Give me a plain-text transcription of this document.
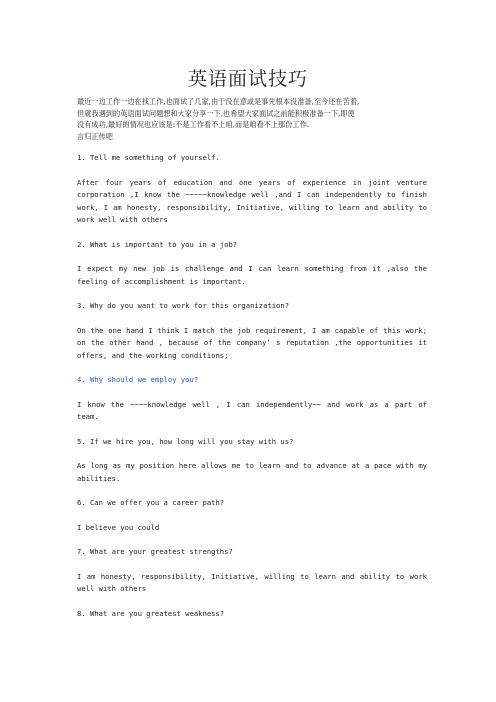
英语面试技巧

最近一边工作一边在找工作,也面试了几家,由于没在意或是事先根本没准备,至今还在苦着,

但就我遇到的英语面试问题想和大家分享一下,也希望大家面试之前能积极准备一下,即使

没有成功,最好的情况也应该是:不是工作看不上咱,而是咱看不上那份工作.

言归正传吧

1. Tell me something of yourself.

After four years of education and one years of experience in joint venture corporation ,I know the ~~~~~knowledge well ,and I can independently to finish work, I am honesty, responsibility, Initiative, willing to learn and ability to work well with others

2. What is important to you in a job?

I expect my new job is challenge and I can learn something from it ,also the feeling of accomplishment is important.

3. Why do you want to work for this organization?

On the one hand I think I match the job requirement, I am capable of this work; on the other hand , because of the company’ s reputation ,the opportunities it offers, and the working conditions;

4. Why should we employ you?

I know the ~~~~knowledge well , I can independently~~ and work as a part of team.

5. If we hire you, how long will you stay with us?

As long as my position here allows me to learn and to advance at a pace with my abilities.

6. Can we offer you a career path?

I believe you could

7. What are your greatest strengths?

I am honesty, responsibility, Initiative, willing to learn and ability to work well with others

8. What are you greatest weakness?
